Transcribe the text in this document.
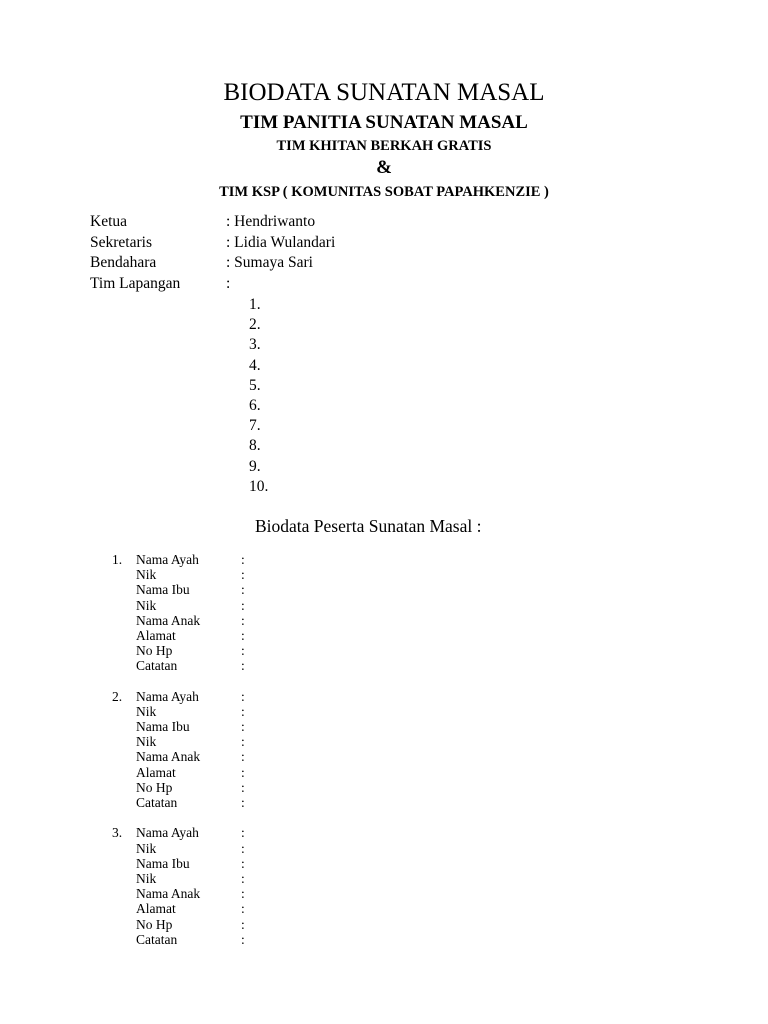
BIODATA SUNATAN MASAL
TIM PANITIA SUNATAN MASAL
TIM KHITAN BERKAH GRATIS
&
TIM KSP ( KOMUNITAS SOBAT PAPAHKENZIE )
Ketua	: Hendriwanto
Sekretaris	: Lidia Wulandari
Bendahara	: Sumaya Sari
Tim Lapangan	:
1.
2.
3.
4.
5.
6.
7.
8.
9.
10.
Biodata Peserta Sunatan Masal :
1. Nama Ayah	:
Nik	:
Nama Ibu	:
Nik	:
Nama Anak	:
Alamat	:
No Hp	:
Catatan	:
2. Nama Ayah	:
Nik	:
Nama Ibu	:
Nik	:
Nama Anak	:
Alamat	:
No Hp	:
Catatan	:
3. Nama Ayah	:
Nik	:
Nama Ibu	:
Nik	:
Nama Anak	:
Alamat	:
No Hp	:
Catatan	:
